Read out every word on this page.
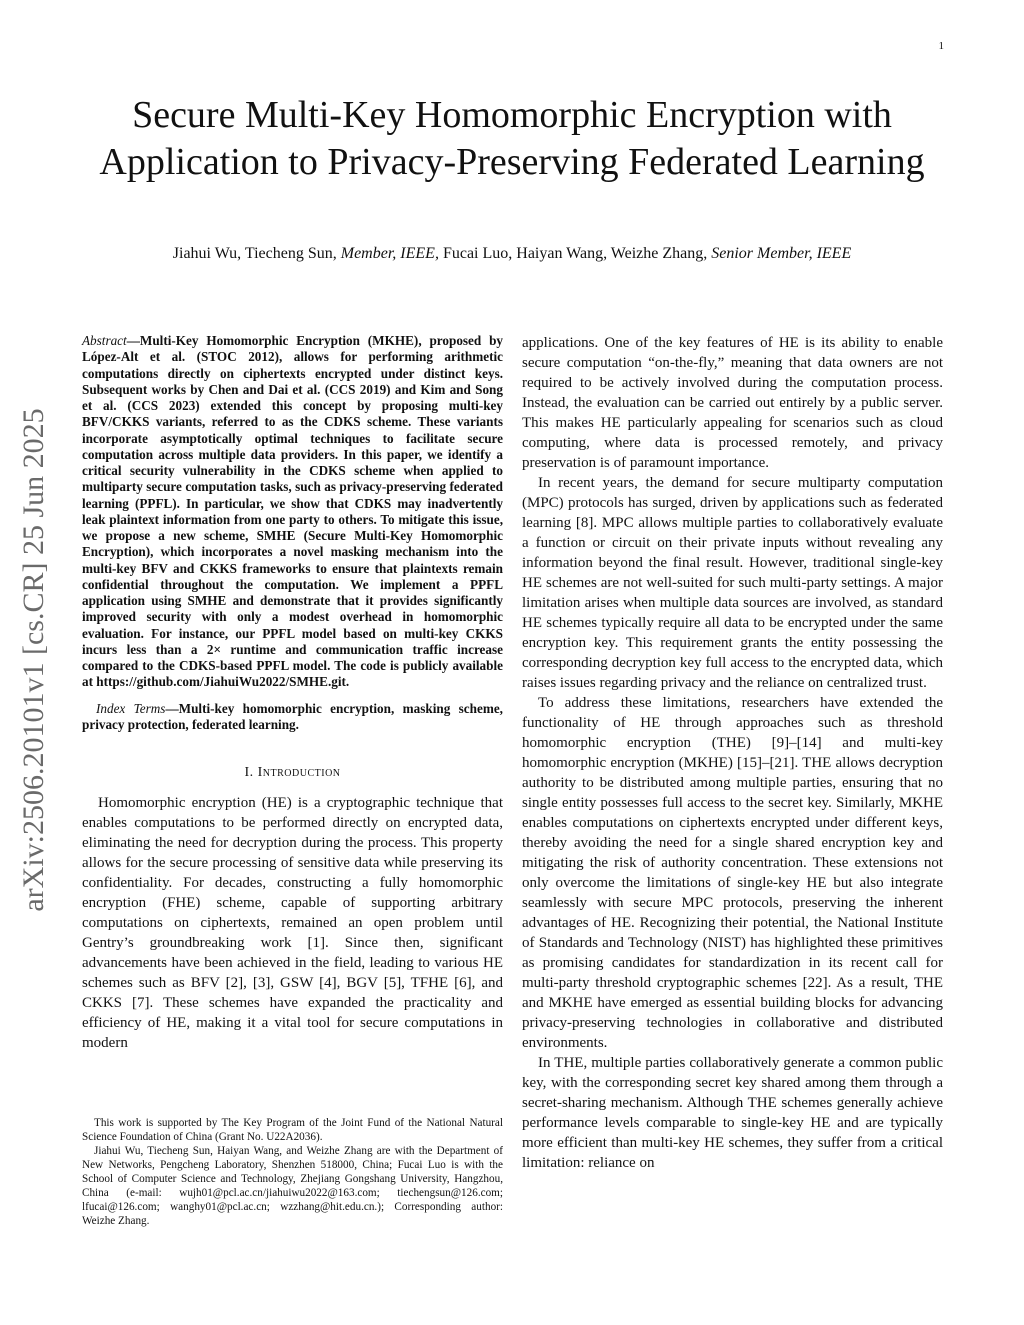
1
Secure Multi-Key Homomorphic Encryption with Application to Privacy-Preserving Federated Learning
Jiahui Wu, Tiecheng Sun, Member, IEEE, Fucai Luo, Haiyan Wang, Weizhe Zhang, Senior Member, IEEE
arXiv:2506.20101v1 [cs.CR] 25 Jun 2025

Abstract—Multi-Key Homomorphic Encryption (MKHE), proposed by López-Alt et al. (STOC 2012), allows for performing arithmetic computations directly on ciphertexts encrypted under distinct keys. Subsequent works by Chen and Dai et al. (CCS 2019) and Kim and Song et al. (CCS 2023) extended this concept by proposing multi-key BFV/CKKS variants, referred to as the CDKS scheme. These variants incorporate asymptotically optimal techniques to facilitate secure computation across multiple data providers. In this paper, we identify a critical security vulnerability in the CDKS scheme when applied to multiparty secure computation tasks, such as privacy-preserving federated learning (PPFL). In particular, we show that CDKS may inadvertently leak plaintext information from one party to others. To mitigate this issue, we propose a new scheme, SMHE (Secure Multi-Key Homomorphic Encryption), which incorporates a novel masking mechanism into the multi-key BFV and CKKS frameworks to ensure that plaintexts remain confidential throughout the computation. We implement a PPFL application using SMHE and demonstrate that it provides significantly improved security with only a modest overhead in homomorphic evaluation. For instance, our PPFL model based on multi-key CKKS incurs less than a 2× runtime and communication traffic increase compared to the CDKS-based PPFL model. The code is publicly available at https://github.com/JiahuiWu2022/SMHE.git.

Index Terms—Multi-key homomorphic encryption, masking scheme, privacy protection, federated learning.

I. Introduction

Homomorphic encryption (HE) is a cryptographic technique that enables computations to be performed directly on encrypted data, eliminating the need for decryption during the process. This property allows for the secure processing of sensitive data while preserving its confidentiality. For decades, constructing a fully homomorphic encryption (FHE) scheme, capable of supporting arbitrary computations on ciphertexts, remained an open problem until Gentry’s groundbreaking work [1]. Since then, significant advancements have been achieved in the field, leading to various HE schemes such as BFV [2], [3], GSW [4], BGV [5], TFHE [6], and CKKS [7]. These schemes have expanded the practicality and efficiency of HE, making it a vital tool for secure computations in modern

This work is supported by The Key Program of the Joint Fund of the National Natural Science Foundation of China (Grant No. U22A2036).

Jiahui Wu, Tiecheng Sun, Haiyan Wang, and Weizhe Zhang are with the Department of New Networks, Pengcheng Laboratory, Shenzhen 518000, China; Fucai Luo is with the School of Computer Science and Technology, Zhejiang Gongshang University, Hangzhou, China (e-mail: wujh01@pcl.ac.cn/jiahuiwu2022@163.com; tiechengsun@126.com; lfucai@126.com; wanghy01@pcl.ac.cn; wzzhang@hit.edu.cn.); Corresponding author: Weizhe Zhang.

applications. One of the key features of HE is its ability to enable secure computation “on-the-fly,” meaning that data owners are not required to be actively involved during the computation process. Instead, the evaluation can be carried out entirely by a public server. This makes HE particularly appealing for scenarios such as cloud computing, where data is processed remotely, and privacy preservation is of paramount importance.

In recent years, the demand for secure multiparty computation (MPC) protocols has surged, driven by applications such as federated learning [8]. MPC allows multiple parties to collaboratively evaluate a function or circuit on their private inputs without revealing any information beyond the final result. However, traditional single-key HE schemes are not well-suited for such multi-party settings. A major limitation arises when multiple data sources are involved, as standard HE schemes typically require all data to be encrypted under the same encryption key. This requirement grants the entity possessing the corresponding decryption key full access to the encrypted data, which raises issues regarding privacy and the reliance on centralized trust.

To address these limitations, researchers have extended the functionality of HE through approaches such as threshold homomorphic encryption (THE) [9]–[14] and multi-key homomorphic encryption (MKHE) [15]–[21]. THE allows decryption authority to be distributed among multiple parties, ensuring that no single entity possesses full access to the secret key. Similarly, MKHE enables computations on ciphertexts encrypted under different keys, thereby avoiding the need for a single shared encryption key and mitigating the risk of authority concentration. These extensions not only overcome the limitations of single-key HE but also integrate seamlessly with secure MPC protocols, preserving the inherent advantages of HE. Recognizing their potential, the National Institute of Standards and Technology (NIST) has highlighted these primitives as promising candidates for standardization in its recent call for multi-party threshold cryptographic schemes [22]. As a result, THE and MKHE have emerged as essential building blocks for advancing privacy-preserving technologies in collaborative and distributed environments.

In THE, multiple parties collaboratively generate a common public key, with the corresponding secret key shared among them through a secret-sharing mechanism. Although THE schemes generally achieve performance levels comparable to single-key HE and are typically more efficient than multi-key HE schemes, they suffer from a critical limitation: reliance on
